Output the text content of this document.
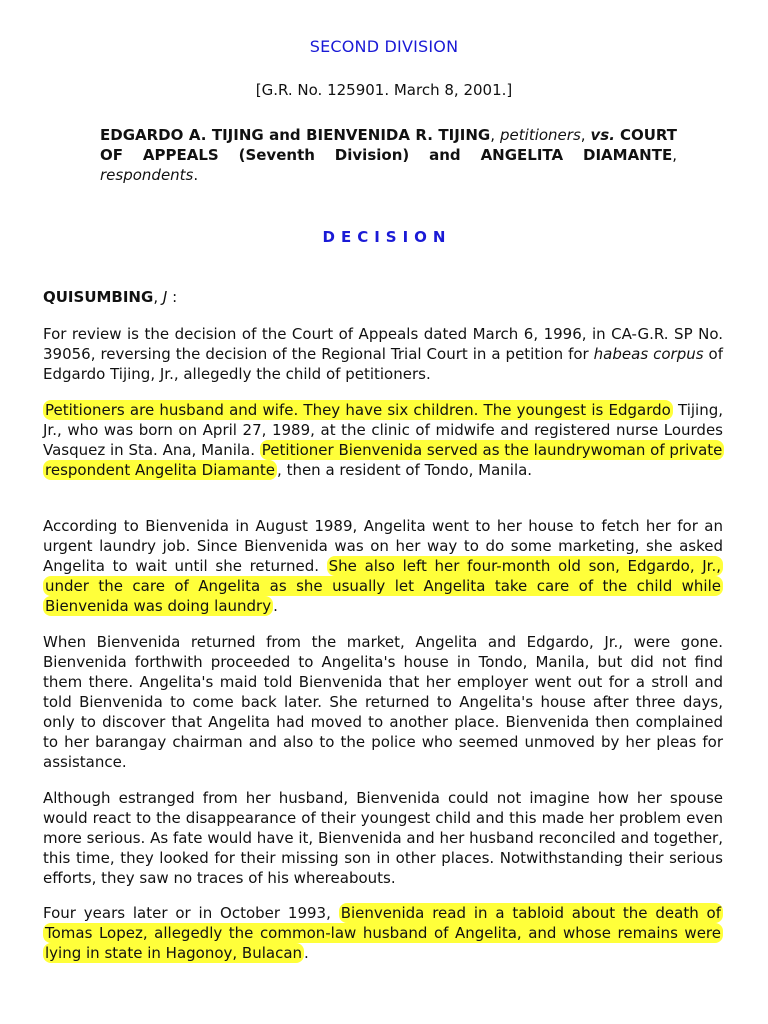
SECOND DIVISION
[G.R. No. 125901. March 8, 2001.]
EDGARDO A. TIJING and BIENVENIDA R. TIJING, petitioners, vs. COURT OF APPEALS (Seventh Division) and ANGELITA DIAMANTE, respondents.
DECISION
QUISUMBING, J :
For review is the decision of the Court of Appeals dated March 6, 1996, in CA-G.R. SP No. 39056, reversing the decision of the Regional Trial Court in a petition for habeas corpus of Edgardo Tijing, Jr., allegedly the child of petitioners.
Petitioners are husband and wife. They have six children. The youngest is Edgardo Tijing, Jr., who was born on April 27, 1989, at the clinic of midwife and registered nurse Lourdes Vasquez in Sta. Ana, Manila. Petitioner Bienvenida served as the laundrywoman of private respondent Angelita Diamante , then a resident of Tondo, Manila.
According to Bienvenida in August 1989, Angelita went to her house to fetch her for an urgent laundry job. Since Bienvenida was on her way to do some marketing, she asked Angelita to wait until she returned. She also left her four-month old son, Edgardo, Jr., under the care of Angelita as she usually let Angelita take care of the child while Bienvenida was doing laundry .
When Bienvenida returned from the market, Angelita and Edgardo, Jr., were gone. Bienvenida forthwith proceeded to Angelita's house in Tondo, Manila, but did not find them there. Angelita's maid told Bienvenida that her employer went out for a stroll and told Bienvenida to come back later. She returned to Angelita's house after three days, only to discover that Angelita had moved to another place. Bienvenida then complained to her barangay chairman and also to the police who seemed unmoved by her pleas for assistance.
Although estranged from her husband, Bienvenida could not imagine how her spouse would react to the disappearance of their youngest child and this made her problem even more serious. As fate would have it, Bienvenida and her husband reconciled and together, this time, they looked for their missing son in other places. Notwithstanding their serious efforts, they saw no traces of his whereabouts.
Four years later or in October 1993, Bienvenida read in a tabloid about the death of Tomas Lopez, allegedly the common-law husband of Angelita, and whose remains were lying in state in Hagonoy, Bulacan .
